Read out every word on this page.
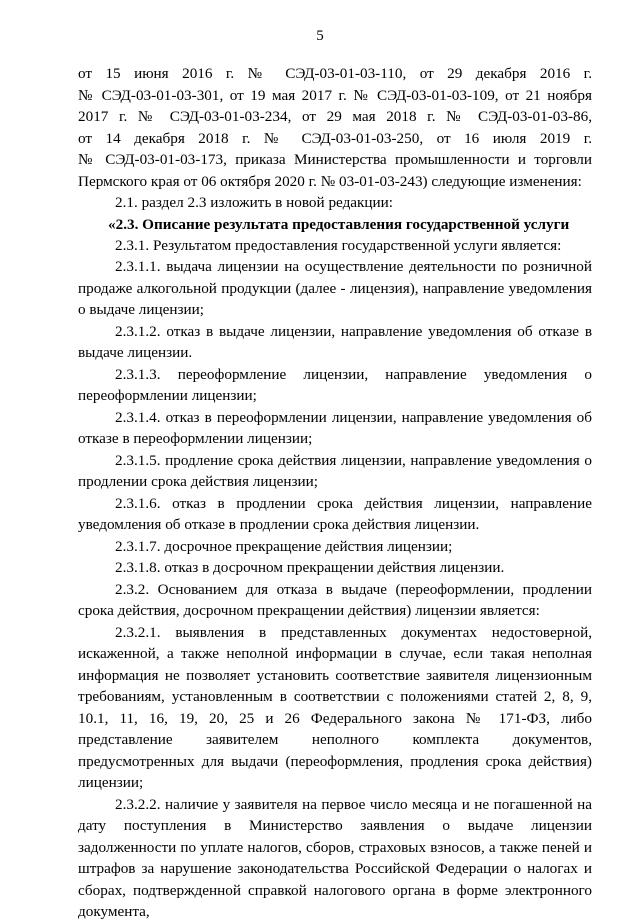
5

от 15 июня 2016 г. № СЭД-03-01-03-110, от 29 декабря 2016 г.
№ СЭД-03-01-03-301, от 19 мая 2017 г. № СЭД-03-01-03-109, от 21 ноября
2017 г. № СЭД-03-01-03-234, от 29 мая 2018 г. № СЭД-03-01-03-86,
от 14 декабря 2018 г. № СЭД-03-01-03-250, от 16 июля 2019 г.
№ СЭД-03-01-03-173, приказа Министерства промышленности и торговли
Пермского края от 06 октября 2020 г. № 03-01-03-243) следующие изменения:

2.1. раздел 2.3 изложить в новой редакции:

«2.3. Описание результата предоставления государственной услуги

2.3.1. Результатом предоставления государственной услуги является:

2.3.1.1. выдача лицензии на осуществление деятельности по розничной продаже алкогольной продукции (далее - лицензия), направление уведомления о выдаче лицензии;

2.3.1.2. отказ в выдаче лицензии, направление уведомления об отказе в выдаче лицензии.

2.3.1.3. переоформление лицензии, направление уведомления о переоформлении лицензии;

2.3.1.4. отказ в переоформлении лицензии, направление уведомления об отказе в переоформлении лицензии;

2.3.1.5. продление срока действия лицензии, направление уведомления о продлении срока действия лицензии;

2.3.1.6. отказ в продлении срока действия лицензии, направление уведомления об отказе в продлении срока действия лицензии.

2.3.1.7. досрочное прекращение действия лицензии;

2.3.1.8. отказ в досрочном прекращении действия лицензии.

2.3.2. Основанием для отказа в выдаче (переоформлении, продлении срока действия, досрочном прекращении действия) лицензии является:

2.3.2.1. выявления в представленных документах недостоверной, искаженной, а также неполной информации в случае, если такая неполная информация не позволяет установить соответствие заявителя лицензионным требованиям, установленным в соответствии с положениями статей 2, 8, 9, 10.1, 11, 16, 19, 20, 25 и 26 Федерального закона № 171-ФЗ, либо представление заявителем неполного комплекта документов, предусмотренных для выдачи (переоформления, продления срока действия) лицензии;

2.3.2.2. наличие у заявителя на первое число месяца и не погашенной на дату поступления в Министерство заявления о выдаче лицензии задолженности по уплате налогов, сборов, страховых взносов, а также пеней и штрафов за нарушение законодательства Российской Федерации о налогах и сборах, подтвержденной справкой налогового органа в форме электронного документа,
